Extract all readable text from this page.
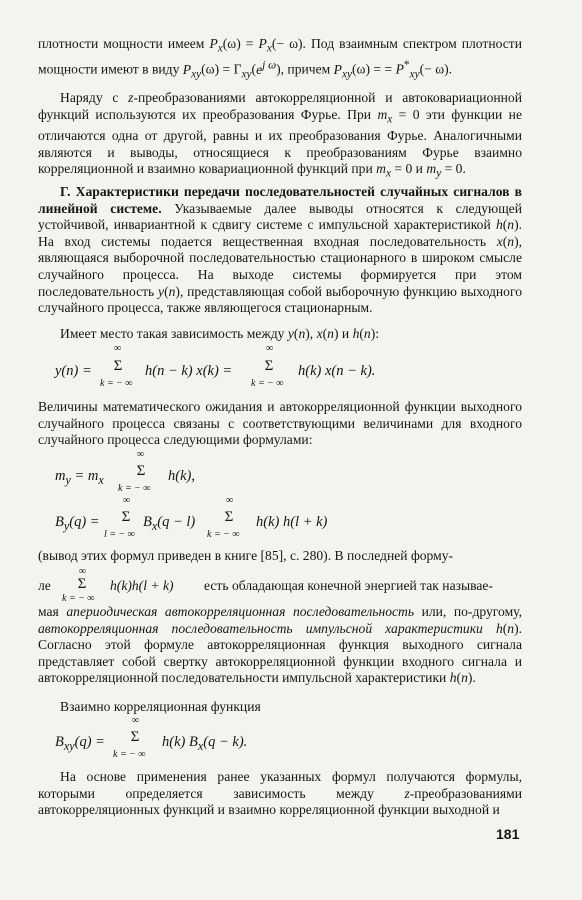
плотности мощности имеем $P_x(\omega) = P_x(- \omega)$. Под взаимным спектром плотности мощности имеют в виду $P_{xy}(\omega) = \Gamma_{xy}(e^{j \omega})$, причем $P_{xy}(\omega)$ = = $P^*_{xy}(- \omega)$.

Наряду с z-преобразованиями автокорреляционной и автоковариационной функций используются их преобразования Фурье. При $m_x = 0$ эти функции не отличаются одна от другой, равны и их преобразования Фурье. Аналогичными являются и выводы, относящиеся к преобразованиям Фурье взаимно корреляционной и взаимно ковариационной функций при $m_x = 0$ и $m_y = 0$.

Г. Характеристики передачи последовательностей случайных сигналов в линейной системе. Указываемые далее выводы относятся к следующей устойчивой, инвариантной к сдвигу системе с импульсной характеристикой h(n). На вход системы подается вещественная входная последовательность x(n), являющаяся выборочной последовательностью стационарного в широком смысле случайного процесса. На выходе системы формируется при этом последовательность y(n), представляющая собой выборочную функцию выходного случайного процесса, также являющегося стационарным.

Имеет место такая зависимость между y(n), x(n) и h(n):

y(n) =
∞
Σ
k = − ∞
h(n − k) x(k) =
∞
Σ
k = − ∞
h(k) x(n − k).

Величины математического ожидания и автокорреляционной функции выходного случайного процесса связаны с соответствующими величинами для входного случайного процесса следующими формулами:

$m_y = m_x$
∞
Σ
k = − ∞
h(k),
$B_y(q)$ =
∞
Σ
l = − ∞
$B_x(q - l)$
∞
Σ
k = − ∞
h(k) h(l + k)

(вывод этих формул приведен в книге [85], с. 280). В последней форму-

ле
∞
Σ
k = − ∞
h(k)h(l + k) есть обладающая конечной энергией так называе-

мая апериодическая автокорреляционная последовательность или, по-другому, автокорреляционная последовательность импульсной характеристики h(n). Согласно этой формуле автокорреляционная функция выходного сигнала представляет собой свертку автокорреляционной функции входного сигнала и автокорреляционной последовательности импульсной характеристики h(n).

Взаимно корреляционная функция

$B_{xy}(q)$ =
∞
Σ
k = − ∞
h(k) $B_x(q - k)$.

На основе применения ранее указанных формул получаются формулы, которыми определяется зависимость между z-преобразованиями автокорреляционных функций и взаимно корреляционной функции выходной и

181
